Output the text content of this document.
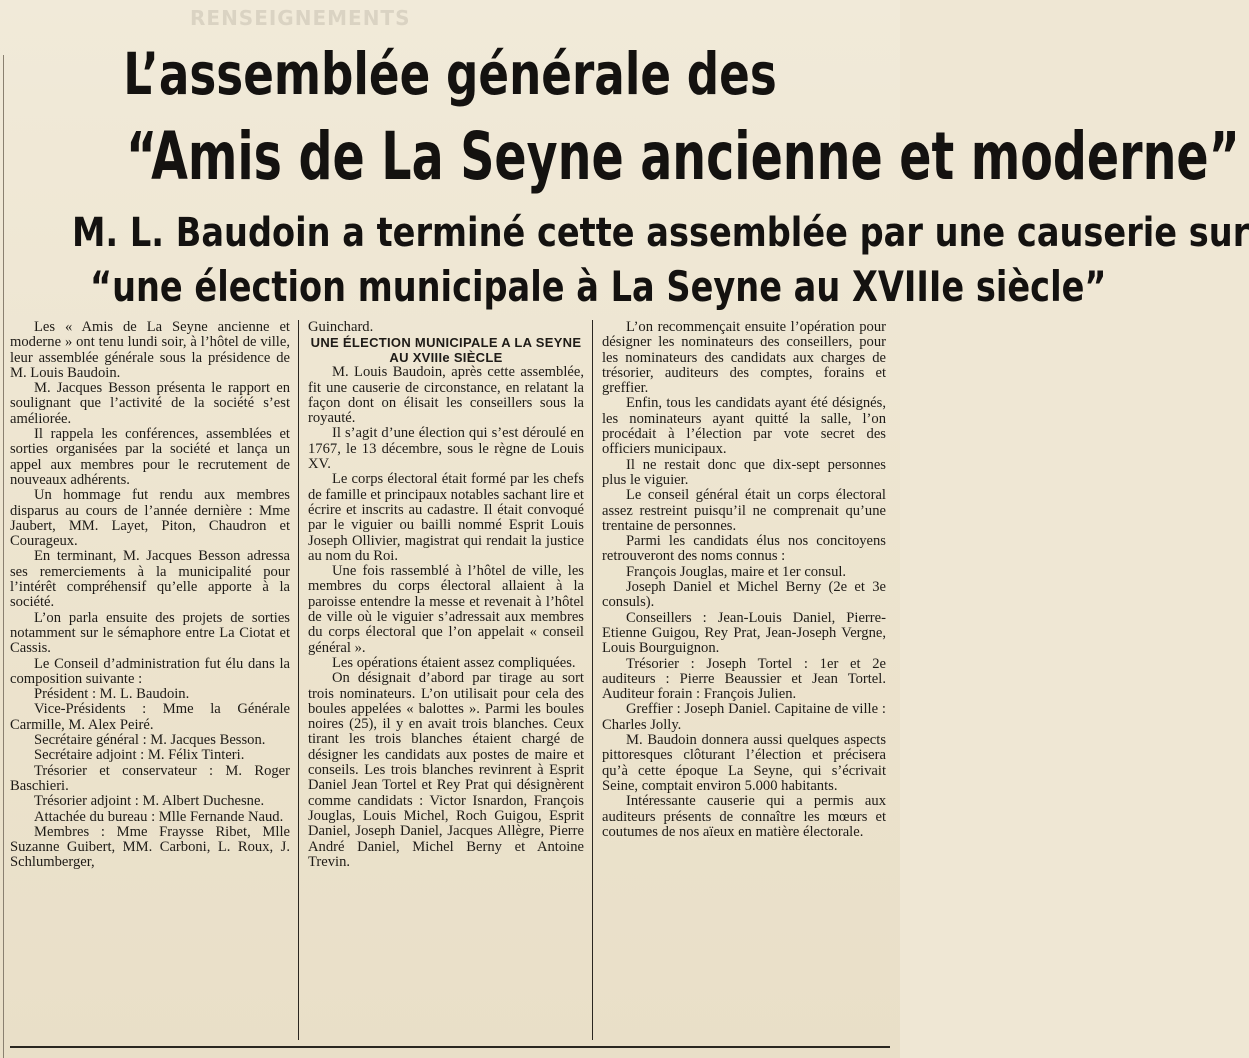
RENSEIGNEMENTS
L’assemblée générale des
“Amis de La Seyne ancienne et moderne”
M. L. Baudoin a terminé cette assemblée par une causerie sur
“une élection municipale à La Seyne au XVIIIe siècle”

Les « Amis de La Seyne ancienne et moderne » ont tenu lundi soir, à l’hôtel de ville, leur assemblée générale sous la présidence de M. Louis Baudoin.

M. Jacques Besson présenta le rapport en soulignant que l’activité de la société s’est améliorée.

Il rappela les conférences, assemblées et sorties organisées par la société et lança un appel aux membres pour le recrutement de nouveaux adhérents.

Un hommage fut rendu aux membres disparus au cours de l’année dernière : Mme Jaubert, MM. Layet, Piton, Chaudron et Courageux.

En terminant, M. Jacques Besson adressa ses remerciements à la municipalité pour l’intérêt compréhensif qu’elle apporte à la société.

L’on parla ensuite des projets de sorties notamment sur le sémaphore entre La Ciotat et Cassis.

Le Conseil d’administration fut élu dans la composition suivante :

Président : M. L. Baudoin.

Vice-Présidents : Mme la Générale Carmille, M. Alex Peiré.

Secrétaire général : M. Jacques Besson.

Secrétaire adjoint : M. Félix Tinteri.

Trésorier et conservateur : M. Roger Baschieri.

Trésorier adjoint : M. Albert Duchesne.

Attachée du bureau : Mlle Fernande Naud.

Membres : Mme Fraysse Ribet, Mlle Suzanne Guibert, MM. Carboni, L. Roux, J. Schlumberger,

Guinchard.

UNE ÉLECTION MUNICIPALE A LA SEYNE AU XVIIIe SIÈCLE

M. Louis Baudoin, après cette assemblée, fit une causerie de circonstance, en relatant la façon dont on élisait les conseillers sous la royauté.

Il s’agit d’une élection qui s’est déroulé en 1767, le 13 décembre, sous le règne de Louis XV.

Le corps électoral était formé par les chefs de famille et principaux notables sachant lire et écrire et inscrits au cadastre. Il était convoqué par le viguier ou bailli nommé Esprit Louis Joseph Ollivier, magistrat qui rendait la justice au nom du Roi.

Une fois rassemblé à l’hôtel de ville, les membres du corps électoral allaient à la paroisse entendre la messe et revenait à l’hôtel de ville où le viguier s’adressait aux membres du corps électoral que l’on appelait « conseil général ».

Les opérations étaient assez compliquées.

On désignait d’abord par tirage au sort trois nominateurs. L’on utilisait pour cela des boules appelées « balottes ». Parmi les boules noires (25), il y en avait trois blanches. Ceux tirant les trois blanches étaient chargé de désigner les candidats aux postes de maire et conseils. Les trois blanches revinrent à Esprit Daniel Jean Tortel et Rey Prat qui désignèrent comme candidats : Victor Isnardon, François Jouglas, Louis Michel, Roch Guigou, Esprit Daniel, Joseph Daniel, Jacques Allègre, Pierre André Daniel, Michel Berny et Antoine Trevin.

L’on recommençait ensuite l’opération pour désigner les nominateurs des conseillers, pour les nominateurs des candidats aux charges de trésorier, auditeurs des comptes, forains et greffier.

Enfin, tous les candidats ayant été désignés, les nominateurs ayant quitté la salle, l’on procédait à l’élection par vote secret des officiers municipaux.

Il ne restait donc que dix-sept personnes plus le viguier.

Le conseil général était un corps électoral assez restreint puisqu’il ne comprenait qu’une trentaine de personnes.

Parmi les candidats élus nos concitoyens retrouveront des noms connus :

François Jouglas, maire et 1er consul.

Joseph Daniel et Michel Berny (2e et 3e consuls).

Conseillers : Jean-Louis Daniel, Pierre-Etienne Guigou, Rey Prat, Jean-Joseph Vergne, Louis Bourguignon.

Trésorier : Joseph Tortel : 1er et 2e auditeurs : Pierre Beaussier et Jean Tortel. Auditeur forain : François Julien.

Greffier : Joseph Daniel. Capitaine de ville : Charles Jolly.

M. Baudoin donnera aussi quelques aspects pittoresques clôturant l’élection et précisera qu’à cette époque La Seyne, qui s’écrivait Seine, comptait environ 5.000 habitants.

Intéressante causerie qui a permis aux auditeurs présents de connaître les mœurs et coutumes de nos aïeux en matière électorale.
